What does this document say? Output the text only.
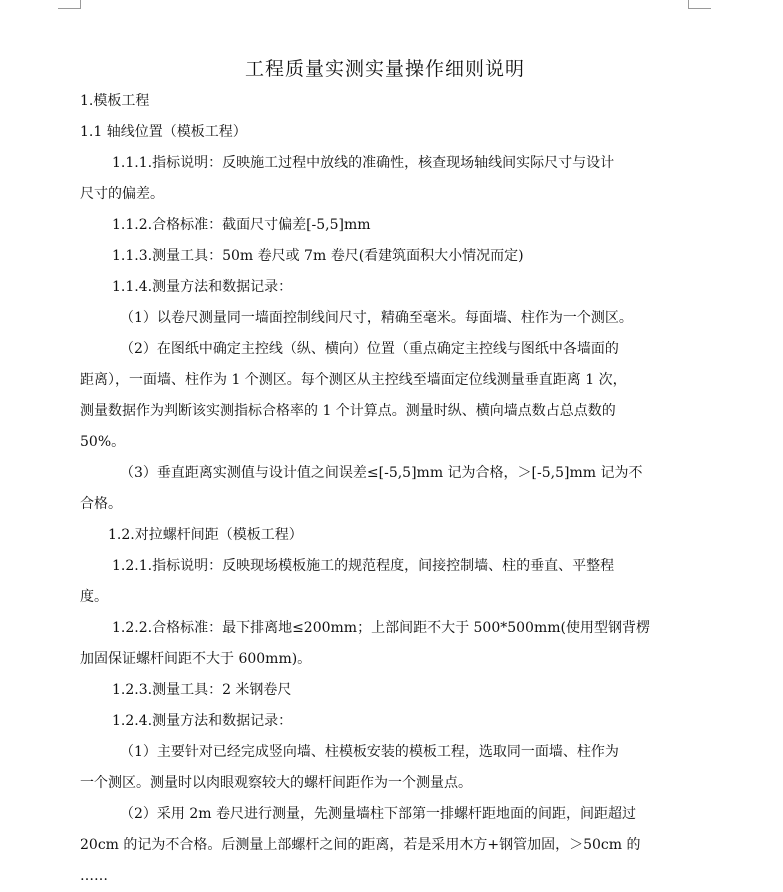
工程质量实测实量操作细则说明

1.模板工程

1.1 轴线位置（模板工程）

1.1.1.指标说明：反映施工过程中放线的准确性，核查现场轴线间实际尺寸与设计

尺寸的偏差。

1.1.2.合格标准：截面尺寸偏差[-5,5]mm

1.1.3.测量工具：50m 卷尺或 7m 卷尺(看建筑面积大小情况而定)

1.1.4.测量方法和数据记录：

（1）以卷尺测量同一墙面控制线间尺寸，精确至毫米。每面墙、柱作为一个测区。

（2）在图纸中确定主控线（纵、横向）位置（重点确定主控线与图纸中各墙面的

距离），一面墙、柱作为 1 个测区。每个测区从主控线至墙面定位线测量垂直距离 1 次，

测量数据作为判断该实测指标合格率的 1 个计算点。测量时纵、横向墙点数占总点数的

50%。

（3）垂直距离实测值与设计值之间误差≤[-5,5]mm 记为合格，＞[-5,5]mm 记为不

合格。

1.2.对拉螺杆间距（模板工程）

1.2.1.指标说明：反映现场模板施工的规范程度，间接控制墙、柱的垂直、平整程

度。

1.2.2.合格标准：最下排离地≤200mm；上部间距不大于 500*500mm(使用型钢背楞

加固保证螺杆间距不大于 600mm)。

1.2.3.测量工具：2 米钢卷尺

1.2.4.测量方法和数据记录：

（1）主要针对已经完成竖向墙、柱模板安装的模板工程，选取同一面墙、柱作为

一个测区。测量时以肉眼观察较大的螺杆间距作为一个测量点。

（2）采用 2m 卷尺进行测量，先测量墙柱下部第一排螺杆距地面的间距，间距超过

20cm 的记为不合格。后测量上部螺杆之间的距离，若是采用木方+钢管加固，＞50cm 的

……
